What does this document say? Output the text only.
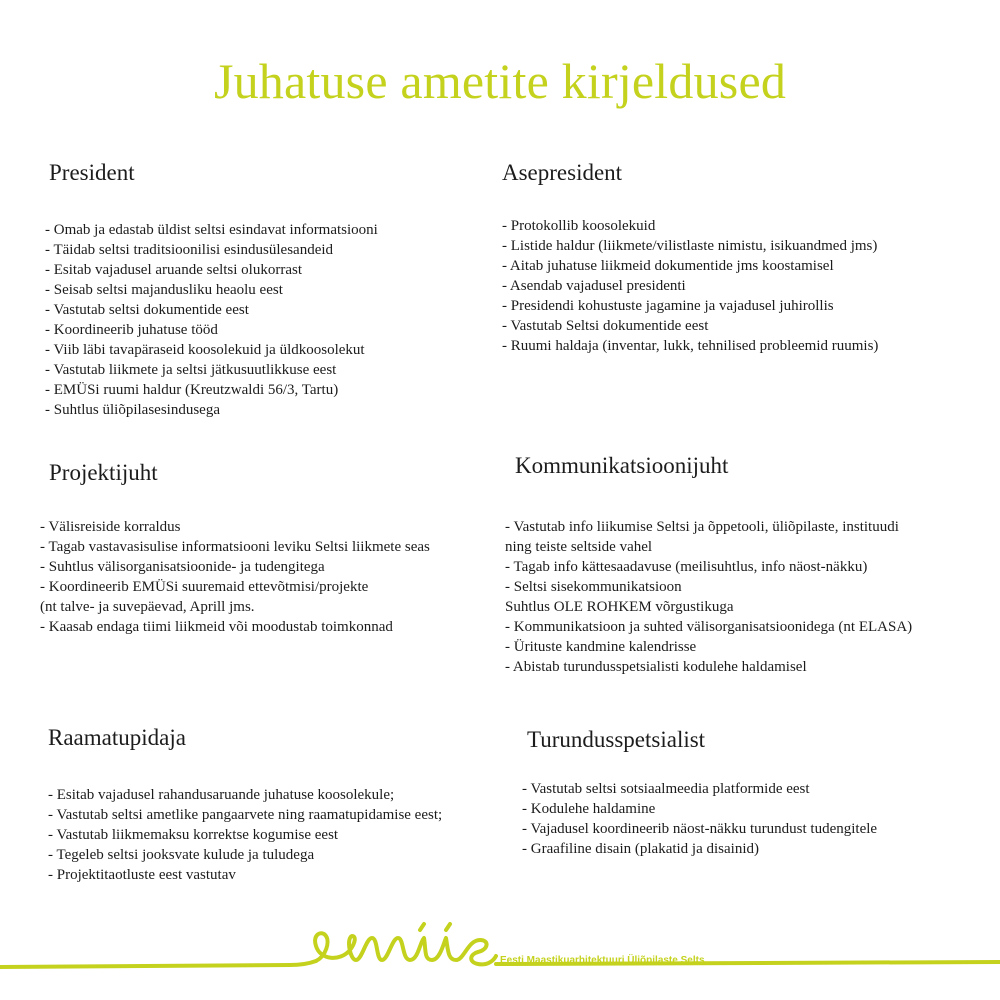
Juhatuse ametite kirjeldused
President
- Omab ja edastab üldist seltsi esindavat informatsiooni
- Täidab seltsi traditsioonilisi esindusülesandeid
- Esitab vajadusel aruande seltsi olukorrast
- Seisab seltsi majandusliku heaolu eest
- Vastutab seltsi dokumentide eest
- Koordineerib juhatuse tööd
- Viib läbi tavapäraseid koosolekuid ja üldkoosolekut
- Vastutab liikmete ja seltsi jätkusuutlikkuse eest
- EMÜSi ruumi haldur (Kreutzwaldi 56/3, Tartu)
- Suhtlus üliõpilasesindusega
Asepresident
- Protokollib koosolekuid
- Listide haldur (liikmete/vilistlaste nimistu, isikuandmed jms)
- Aitab juhatuse liikmeid dokumentide jms koostamisel
- Asendab vajadusel presidenti
- Presidendi kohustuste jagamine ja vajadusel juhirollis
- Vastutab Seltsi dokumentide eest
- Ruumi haldaja (inventar, lukk, tehnilised probleemid ruumis)
Projektijuht
- Välisreiside korraldus
- Tagab vastavasisulise informatsiooni leviku Seltsi liikmete seas
- Suhtlus välisorganisatsioonide- ja tudengitega
- Koordineerib EMÜSi suuremaid ettevõtmisi/projekte
(nt talve- ja suvepäevad, Aprill jms.
- Kaasab endaga tiimi liikmeid või moodustab toimkonnad
Kommunikatsioonijuht
- Vastutab info liikumise Seltsi ja õppetooli, üliõpilaste, instituudi
ning teiste seltside vahel
- Tagab info kättesaadavuse (meilisuhtlus, info näost-näkku)
- Seltsi sisekommunikatsioon
Suhtlus OLE ROHKEM võrgustikuga
- Kommunikatsioon ja suhted välisorganisatsioonidega (nt ELASA)
- Ürituste kandmine kalendrisse
- Abistab turundusspetsialisti kodulehe haldamisel
Raamatupidaja
- Esitab vajadusel rahandusaruande juhatuse koosolekule;
- Vastutab seltsi ametlike pangaarvete ning raamatupidamise eest;
- Vastutab liikmemaksu korrektse kogumise eest
- Tegeleb seltsi jooksvate kulude ja tuludega
- Projektitaotluste eest vastutav
Turundusspetsialist
- Vastutab seltsi sotsiaalmeedia platformide eest
- Kodulehe haldamine
- Vajadusel koordineerib näost-näkku turundust tudengitele
- Graafiline disain (plakatid ja disainid)
Eesti Maastikuarhitektuuri Üliõpilaste Selts
